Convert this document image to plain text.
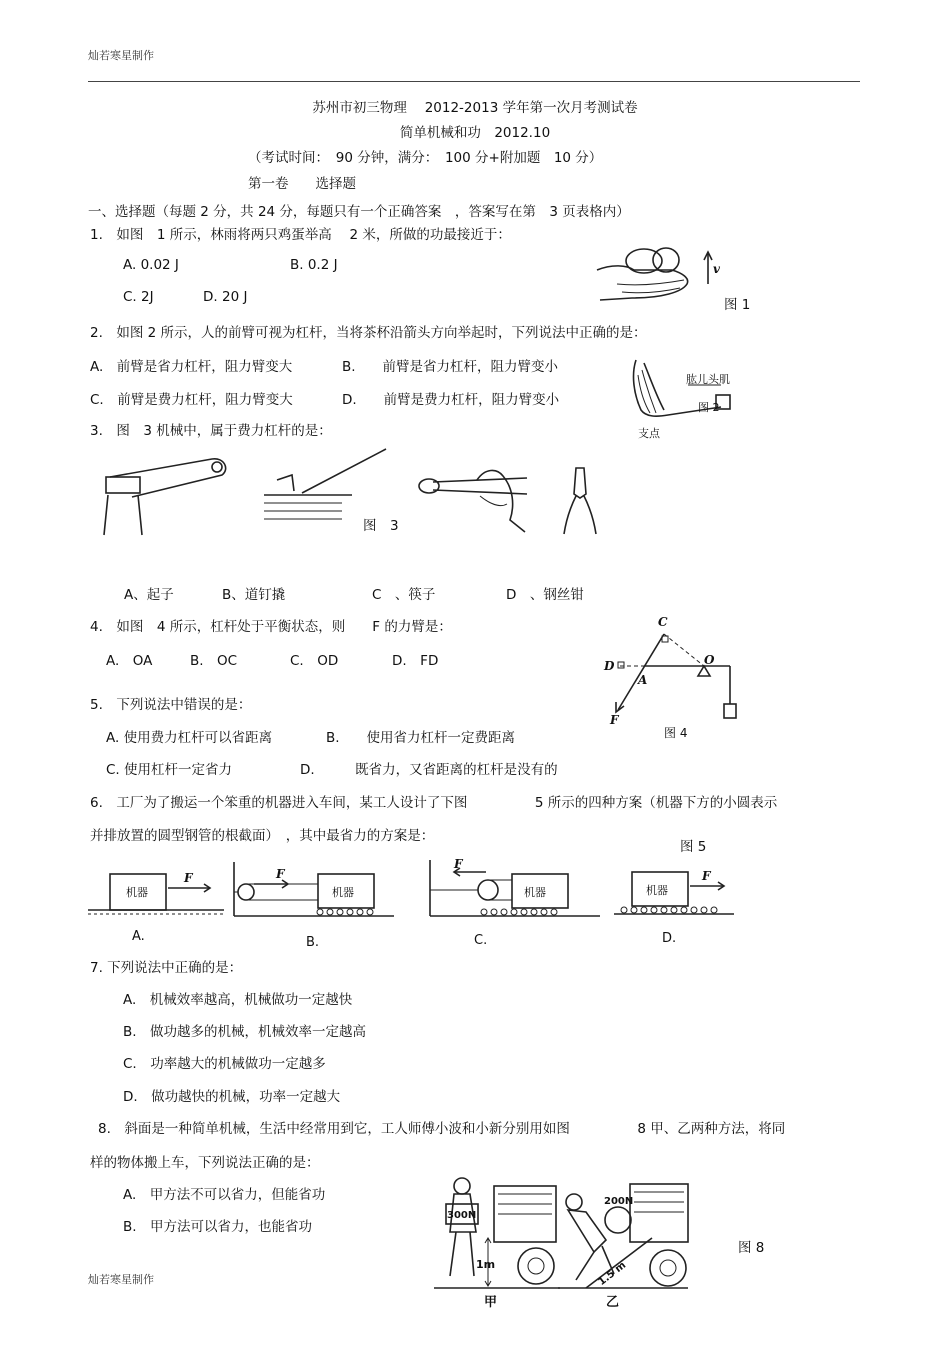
灿若寒星制作
苏州市初三物理　 2012-2013 学年第一次月考测试卷
简单机械和功　2012.10
（考试时间：　90 分钟，满分：　100 分+附加题　10 分）
第一卷　　选择题
一、选择题（每题 2 分，共 24 分，每题只有一个正确答案　，答案写在第　3 页表格内）
1.　如图　1 所示，林雨将两只鸡蛋举高　 2 米，所做的功最接近于：
A. 0.02 J	B. 0.2 J
C. 2J	D. 20 J
v
图 1
2.　如图 2 所示，人的前臂可视为杠杆，当将茶杯沿箭头方向举起时，下列说法中正确的是：
A.　前臂是省力杠杆，阻力臂变大	B.　　前臂是省力杠杆，阻力臂变小
C.　前臂是费力杠杆，阻力臂变大	D.　　前臂是费力杠杆，阻力臂变小
肱儿头肌
支点
图 2
3.　图　3 机械中，属于费力杠杆的是：
图　3
A、起子	B、道钉撬	C　、筷子	D　、钢丝钳
4.　如图　4 所示，杠杆处于平衡状态，则　　F 的力臂是：
A.　OA	B.　OC	C.　OD	D.　FD
C
D	O
A
F
图 4
5.　下列说法中错误的是：
A. 使用费力杠杆可以省距离	B.　　使用省力杠杆一定费距离
C. 使用杠杆一定省力	D.　　　既省力，又省距离的杠杆是没有的
6.　工厂为了搬运一个笨重的机器进入车间，某工人设计了下图　　　　　5 所示的四种方案（机器下方的小圆表示
并排放置的圆型钢管的根截面）　，其中最省力的方案是：
图 5
机器
F
A.
机器
F
B.
机器
F
C.
机器
F
D.
7. 下列说法中正确的是：
A.　机械效率越高，机械做功一定越快
B.　做功越多的机械，机械效率一定越高
C.　功率越大的机械做功一定越多
D.　做功越快的机械，功率一定越大
8.　斜面是一种简单机械，生活中经常用到它，工人师傅小波和小新分别用如图　　　　　8 甲、乙两种方法，将同
样的物体搬上车，下列说法正确的是：
A.　甲方法不可以省力，但能省功
B.　甲方法可以省力，也能省功
300N
1m
甲
200N
1.5 m
乙
图 8
灿若寒星制作
